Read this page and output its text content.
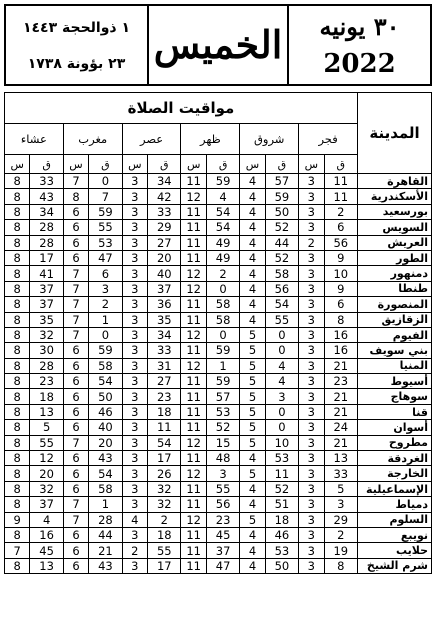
٣٠ يونيه
2022
الخميس
١ ذوالحجة ١٤٤٣
٢٣ بؤونة ١٧٣٨
مواقيت الصلاة												المدينة
عشاء		مغرب		عصر		ظهر		شروق		فجر		
س	ق	س	ق	س	ق	س	ق	س	ق	س	ق	
8	33	7	0	3	34	11	59	4	57	3	11	القاهرة
8	43	8	7	3	42	12	4	4	59	3	11	الأسكندرية
8	34	6	59	3	33	11	54	4	50	3	2	بورسعيد
8	28	6	55	3	29	11	54	4	52	3	6	السويس
8	28	6	53	3	27	11	49	4	44	2	56	العريش
8	17	6	47	3	20	11	49	4	52	3	9	الطور
8	41	7	6	3	40	12	2	4	58	3	10	دمنهور
8	37	7	3	3	37	12	0	4	56	3	9	طنطا
8	37	7	2	3	36	11	58	4	54	3	6	المنصورة
8	35	7	1	3	35	11	58	4	55	3	8	الزقازيق
8	32	7	0	3	34	12	0	5	0	3	16	الفيوم
8	30	6	59	3	33	11	59	5	0	3	16	بني سويف
8	28	6	58	3	31	12	1	5	4	3	21	المنيا
8	23	6	54	3	27	11	59	5	4	3	23	أسيوط
8	18	6	50	3	23	11	57	5	3	3	21	سوهاج
8	13	6	46	3	18	11	53	5	0	3	21	قنا
8	5	6	40	3	11	11	52	5	0	3	24	أسوان
8	55	7	20	3	54	12	15	5	10	3	21	مطروح
8	12	6	43	3	17	11	48	4	53	3	13	الغردقة
8	20	6	54	3	26	12	3	5	11	3	33	الخارجة
8	32	6	58	3	32	11	55	4	52	3	5	الإسماعيلية
8	37	7	1	3	32	11	56	4	51	3	3	دمياط
9	4	7	28	4	2	12	23	5	18	3	29	السلوم
8	16	6	44	3	18	11	45	4	46	3	2	نويبع
7	45	6	21	2	55	11	37	4	53	3	19	حلايب
8	13	6	43	3	17	11	47	4	50	3	8	شرم الشيخ
